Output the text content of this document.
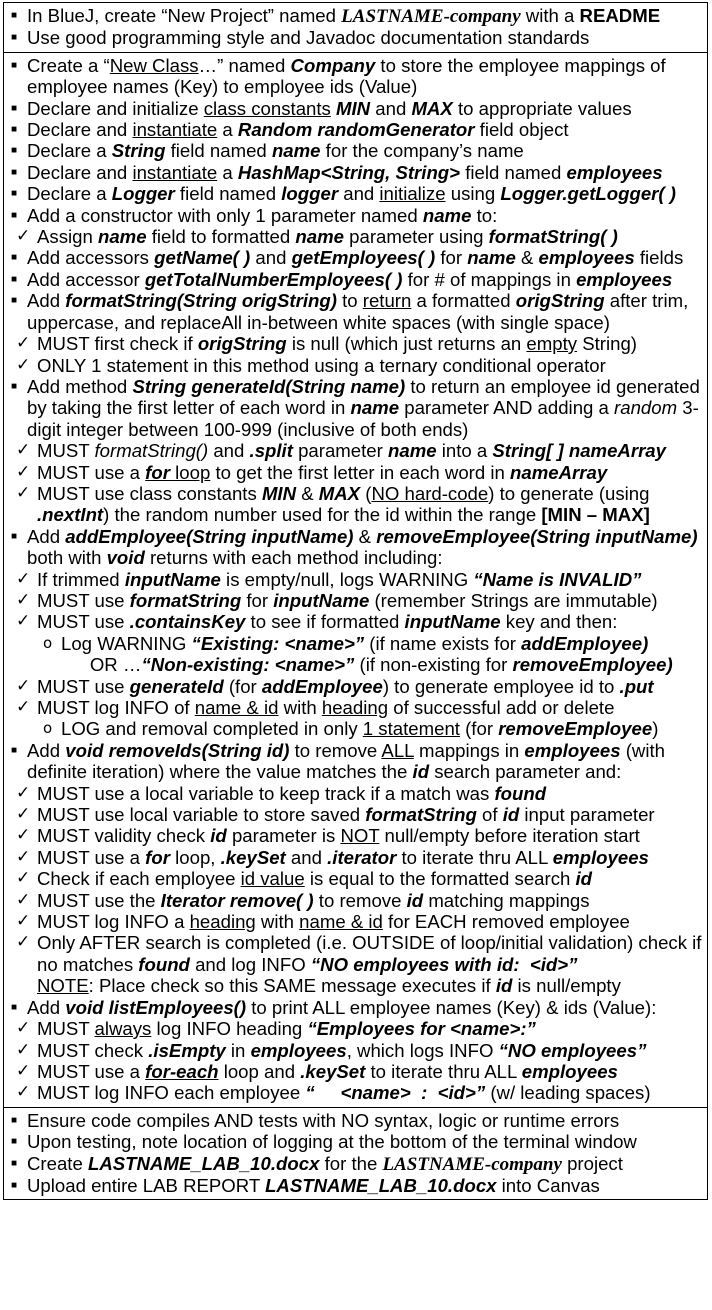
■ In BlueJ, create “New Project” named LASTNAME-company with a README
■ Use good programming style and Javadoc documentation standards
■ Create a “New Class…” named Company to store the employee mappings of employee names (Key) to employee ids (Value)
■ Declare and initialize class constants MIN and MAX to appropriate values
■ Declare and instantiate a Random randomGenerator field object
■ Declare a String field named name for the company’s name
■ Declare and instantiate a HashMap<String, String> field named employees
■ Declare a Logger field named logger and initialize using Logger.getLogger( )
■ Add a constructor with only 1 parameter named name to:
✓ Assign name field to formatted name parameter using formatString( )
■ Add accessors getName( ) and getEmployees( ) for name & employees fields
■ Add accessor getTotalNumberEmployees( ) for # of mappings in employees
■ Add formatString(String origString) to return a formatted origString after trim, uppercase, and replaceAll in-between white spaces (with single space)
✓ MUST first check if origString is null (which just returns an empty String)
✓ ONLY 1 statement in this method using a ternary conditional operator
■ Add method String generateId(String name) to return an employee id generated by taking the first letter of each word in name parameter AND adding a random 3-digit integer between 100-999 (inclusive of both ends)
✓ MUST formatString() and .split parameter name into a String[ ] nameArray
✓ MUST use a for loop to get the first letter in each word in nameArray
✓ MUST use class constants MIN & MAX (NO hard-code) to generate (using .nextInt) the random number used for the id within the range [MIN – MAX]
■ Add addEmployee(String inputName) & removeEmployee(String inputName) both with void returns with each method including:
✓ If trimmed inputName is empty/null, logs WARNING “Name is INVALID”
✓ MUST use formatString for inputName (remember Strings are immutable)
✓ MUST use .containsKey to see if formatted inputName key and then:
o Log WARNING “Existing: <name>” (if name exists for addEmployee)
OR …“Non-existing: <name>” (if non-existing for removeEmployee)
✓ MUST use generateId (for addEmployee) to generate employee id to .put
✓ MUST log INFO of name & id with heading of successful add or delete
o LOG and removal completed in only 1 statement (for removeEmployee)
■ Add void removeIds(String id) to remove ALL mappings in employees (with definite iteration) where the value matches the id search parameter and:
✓ MUST use a local variable to keep track if a match was found
✓ MUST use local variable to store saved formatString of id input parameter
✓ MUST validity check id parameter is NOT null/empty before iteration start
✓ MUST use a for loop, .keySet and .iterator to iterate thru ALL employees
✓ Check if each employee id value is equal to the formatted search id
✓ MUST use the Iterator remove( ) to remove id matching mappings
✓ MUST log INFO a heading with name & id for EACH removed employee
✓ Only AFTER search is completed (i.e. OUTSIDE of loop/initial validation) check if no matches found and log INFO “NO employees with id:  <id>”
NOTE: Place check so this SAME message executes if id is null/empty
■ Add void listEmployees() to print ALL employee names (Key) & ids (Value):
✓ MUST always log INFO heading “Employees for <name>:”
✓ MUST check .isEmpty in employees, which logs INFO “NO employees”
✓ MUST use a for-each loop and .keySet to iterate thru ALL employees
✓ MUST log INFO each employee “     <name>  :  <id>” (w/ leading spaces)
■ Ensure code compiles AND tests with NO syntax, logic or runtime errors
■ Upon testing, note location of logging at the bottom of the terminal window
■ Create LASTNAME_LAB_10.docx for the LASTNAME-company project
■ Upload entire LAB REPORT LASTNAME_LAB_10.docx into Canvas
